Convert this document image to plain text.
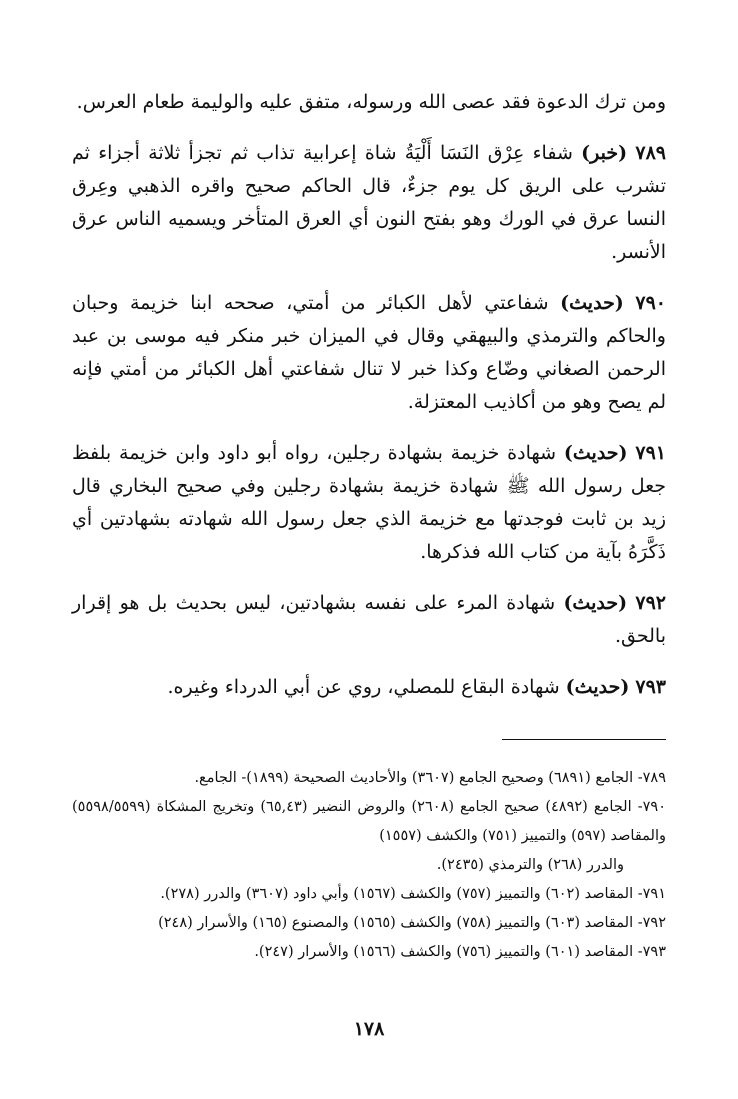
ومن ترك الدعوة فقد عصى الله ورسوله، متفق عليه والوليمة طعام العرس.

٧٨٩ (خبر) شفاء عِرْق النَسَا أَلْيَةُ شاة إعرابية تذاب ثم تجزأ ثلاثة أجزاء ثم تشرب على الريق كل يوم جزءٌ، قال الحاكم صحيح واقره الذهبي وعِرق النسا عرق في الورك وهو بفتح النون أي العرق المتأخر ويسميه الناس عرق الأنسر.

٧٩٠ (حديث) شفاعتي لأهل الكبائر من أمتي، صححه ابنا خزيمة وحبان والحاكم والترمذي والبيهقي وقال في الميزان خبر منكر فيه موسى بن عبد الرحمن الصغاني وضّاع وكذا خبر لا تنال شفاعتي أهل الكبائر من أمتي فإنه لم يصح وهو من أكاذيب المعتزلة.

٧٩١ (حديث) شهادة خزيمة بشهادة رجلين، رواه أبو داود وابن خزيمة بلفظ جعل رسول الله ﷺ شهادة خزيمة بشهادة رجلين وفي صحيح البخاري قال زيد بن ثابت فوجدتها مع خزيمة الذي جعل رسول الله شهادته بشهادتين أي ذَكَّرَهُ بآية من كتاب الله فذكرها.

٧٩٢ (حديث) شهادة المرء على نفسه بشهادتين، ليس بحديث بل هو إقرار بالحق.

٧٩٣ (حديث) شهادة البقاع للمصلي، روي عن أبي الدرداء وغيره.

٧٨٩- الجامع (٦٨٩١) وصحيح الجامع (٣٦٠٧) والأحاديث الصحيحة (١٨٩٩)- الجامع.

٧٩٠- الجامع (٤٨٩٢) صحيح الجامع (٢٦٠٨) والروض النضير (٦٥,٤٣) وتخريج المشكاة (٥٥٩٨/٥٥٩٩) والمقاصد (٥٩٧) والتمييز (٧٥١) والكشف (١٥٥٧)
والدرر (٢٦٨) والترمذي (٢٤٣٥).

٧٩١- المقاصد (٦٠٢) والتمييز (٧٥٧) والكشف (١٥٦٧) وأبي داود (٣٦٠٧) والدرر (٢٧٨).

٧٩٢- المقاصد (٦٠٣) والتمييز (٧٥٨) والكشف (١٥٦٥) والمصنوع (١٦٥) والأسرار (٢٤٨)

٧٩٣- المقاصد (٦٠١) والتمييز (٧٥٦) والكشف (١٥٦٦) والأسرار (٢٤٧).

١٧٨
